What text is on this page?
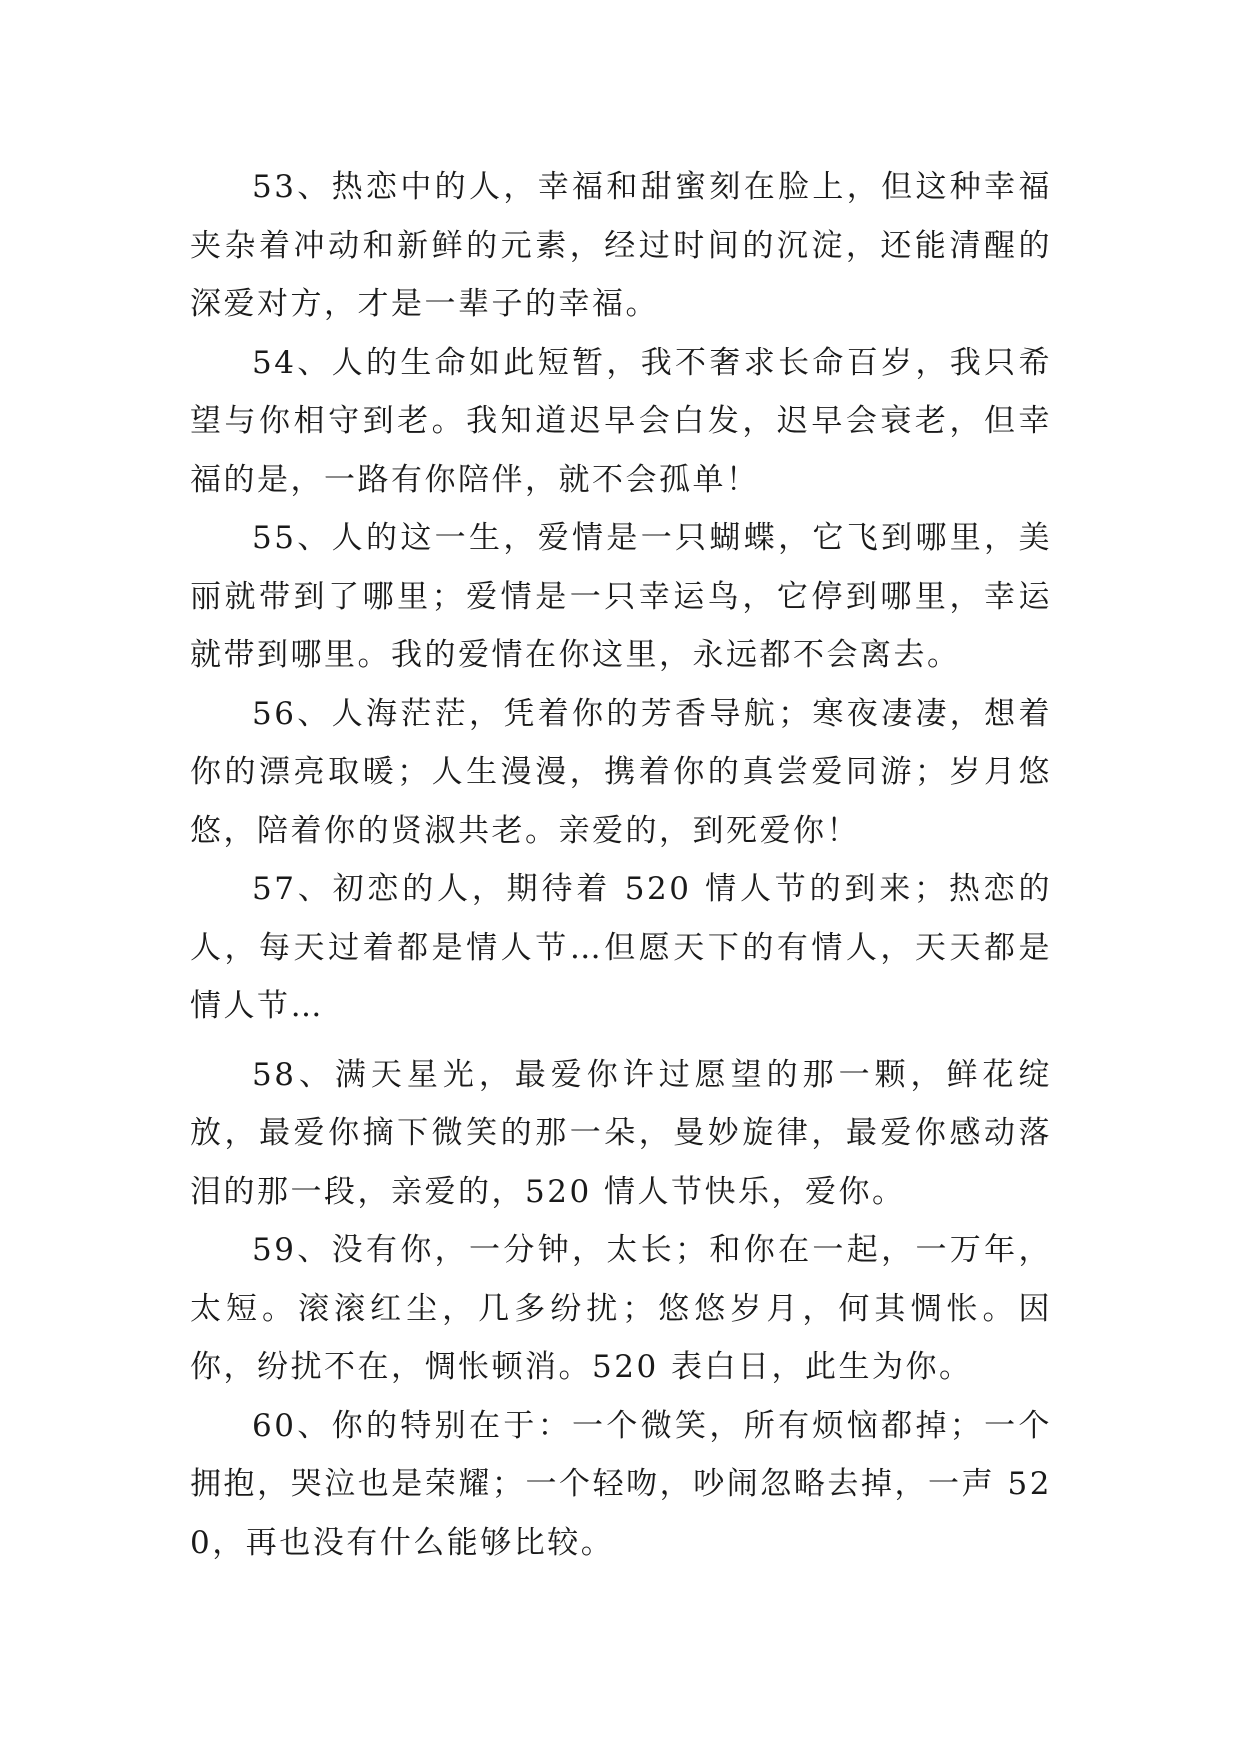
53、热恋中的人，幸福和甜蜜刻在脸上，但这种幸福夹杂着冲动和新鲜的元素，经过时间的沉淀，还能清醒的深爱对方，才是一辈子的幸福。

54、人的生命如此短暂，我不奢求长命百岁，我只希望与你相守到老。我知道迟早会白发，迟早会衰老，但幸福的是，一路有你陪伴，就不会孤单！

55、人的这一生，爱情是一只蝴蝶，它飞到哪里，美丽就带到了哪里；爱情是一只幸运鸟，它停到哪里，幸运就带到哪里。我的爱情在你这里，永远都不会离去。

56、人海茫茫，凭着你的芳香导航；寒夜凄凄，想着你的漂亮取暖；人生漫漫，携着你的真尝爱同游；岁月悠悠，陪着你的贤淑共老。亲爱的，到死爱你！

57、初恋的人，期待着 520 情人节的到来；热恋的人，每天过着都是情人节…但愿天下的有情人，天天都是情人节…

58、满天星光，最爱你许过愿望的那一颗，鲜花绽放，最爱你摘下微笑的那一朵，曼妙旋律，最爱你感动落泪的那一段，亲爱的，520 情人节快乐，爱你。

59、没有你，一分钟，太长；和你在一起，一万年，太短。滚滚红尘，几多纷扰；悠悠岁月，何其惆怅。因你，纷扰不在，惆怅顿消。520 表白日，此生为你。

60、你的特别在于：一个微笑，所有烦恼都掉；一个拥抱，哭泣也是荣耀；一个轻吻，吵闹忽略去掉，一声 520，再也没有什么能够比较。
